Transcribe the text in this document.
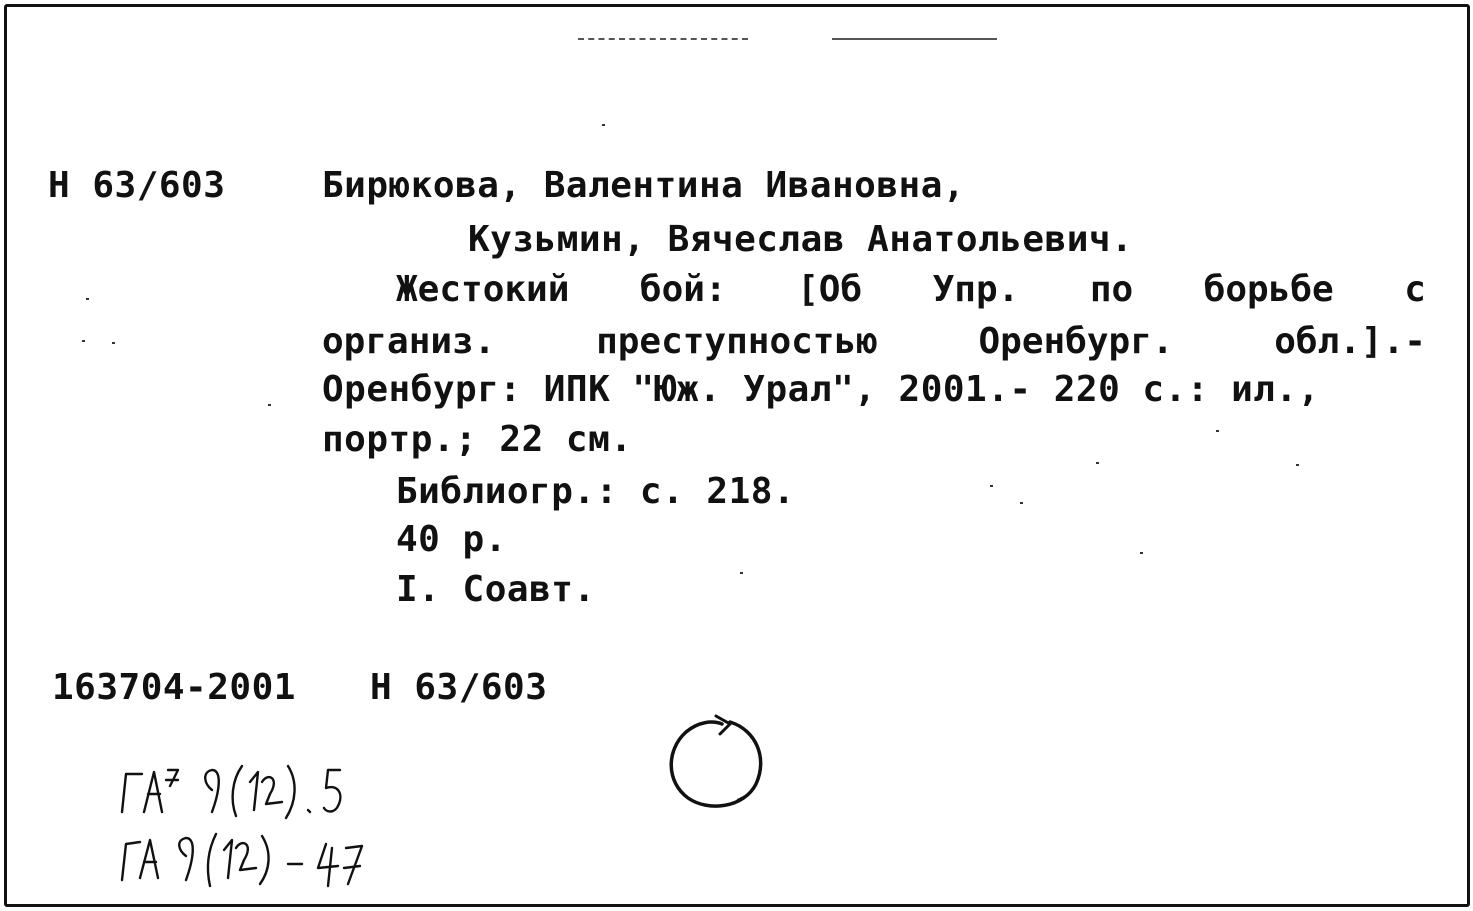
Н 63/603	Бирюкова, Валентина Ивановна,
Кузьмин, Вячеслав Анатольевич.
Жестокий бой: [Об Упр. по борьбе с
организ.	преступностью	Оренбург.	обл.].-
Оренбург: ИПК "Юж. Урал", 2001.- 220 с.: ил.,
портр.; 22 см.
Библиогр.: с. 218.
40 р.
I. Соавт.
163704-2001 Н 63/603
